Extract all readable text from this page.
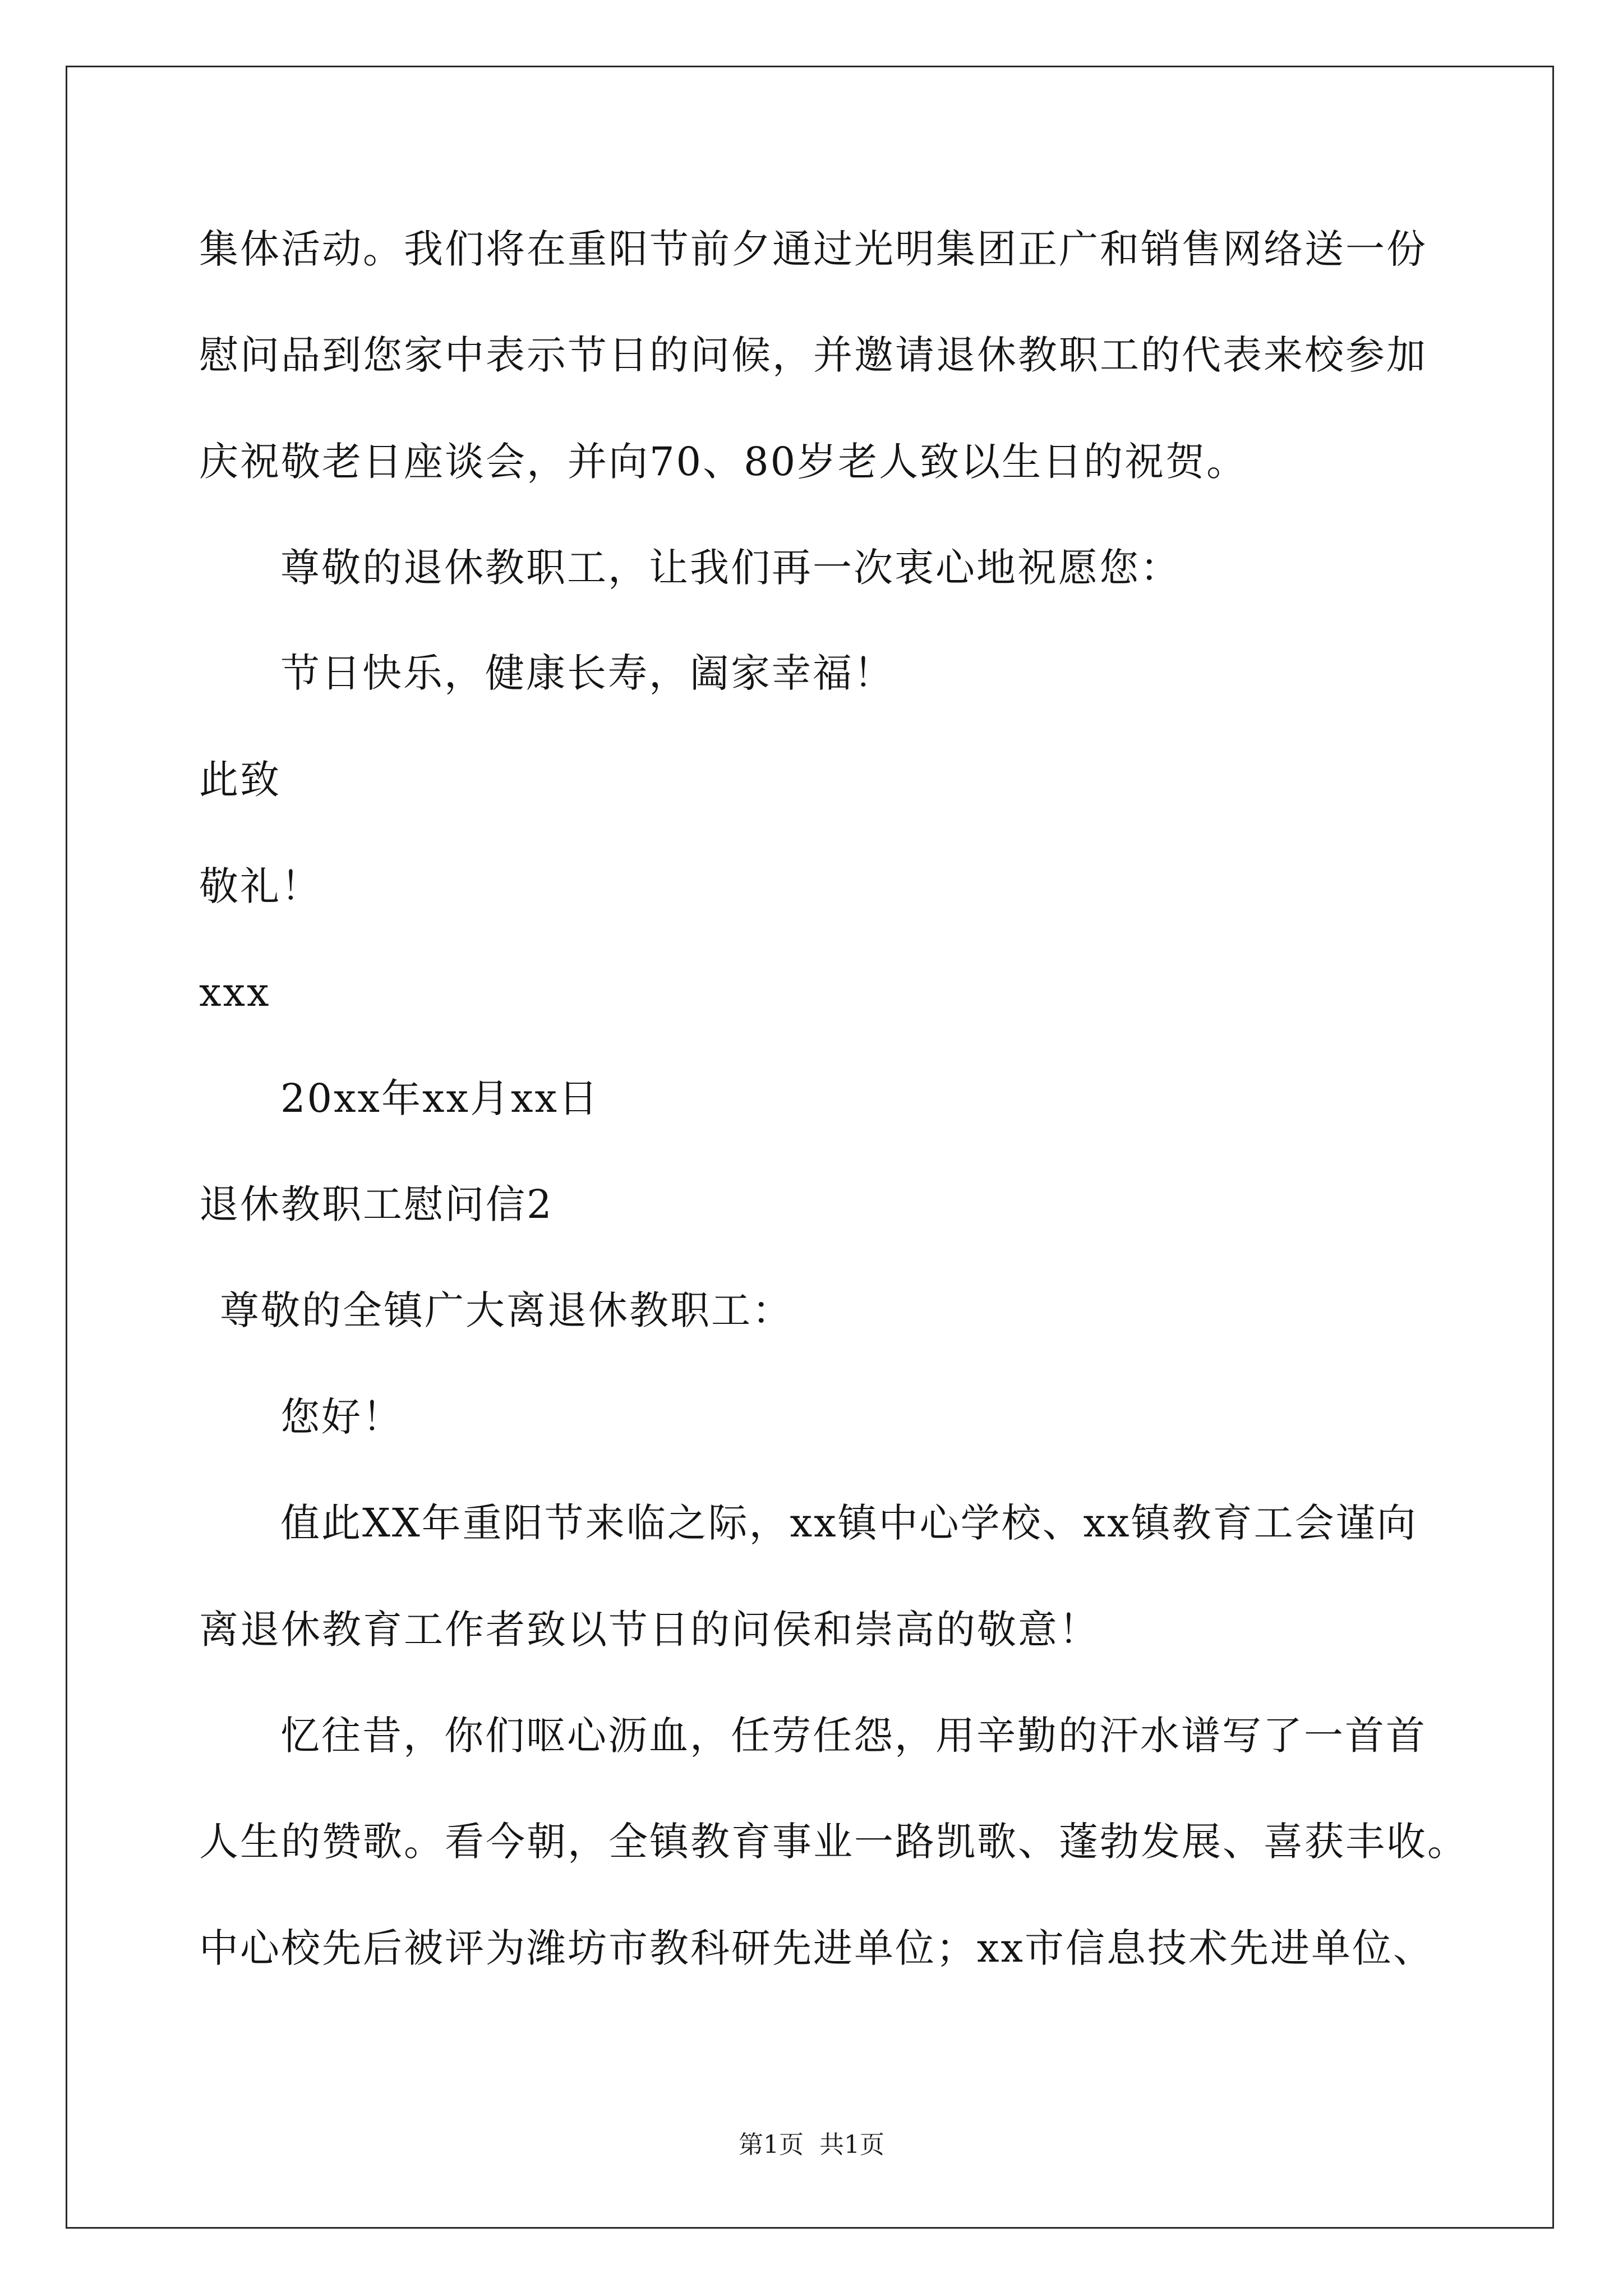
集体活动。我们将在重阳节前夕通过光明集团正广和销售网络送一份
慰问品到您家中表示节日的问候，并邀请退休教职工的代表来校参加
庆祝敬老日座谈会，并向70、80岁老人致以生日的祝贺。
尊敬的退休教职工，让我们再一次衷心地祝愿您：
节日快乐，健康长寿，阖家幸福！
此致
敬礼！
xxx
20xx年xx月xx日
退休教职工慰问信2
尊敬的全镇广大离退休教职工：
您好！
值此XX年重阳节来临之际，xx镇中心学校、xx镇教育工会谨向
离退休教育工作者致以节日的问侯和崇高的敬意！
忆往昔，你们呕心沥血，任劳任怨，用辛勤的汗水谱写了一首首
人生的赞歌。看今朝，全镇教育事业一路凯歌、蓬勃发展、喜获丰收。
中心校先后被评为潍坊市教科研先进单位；xx市信息技术先进单位、
第1页  共1页
